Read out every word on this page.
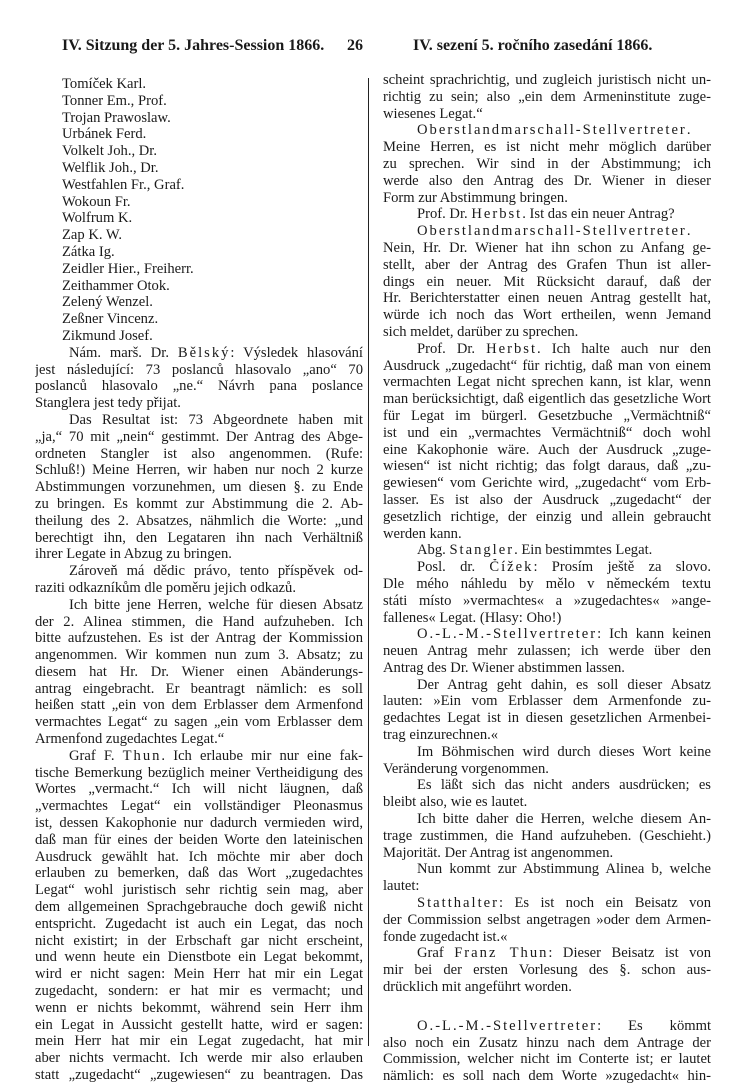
IV. Sitzung der 5. Jahres-Session 1866. 26	IV. sezení 5. ročního zasedání 1866.
Tomíček Karl.
Tonner Em., Prof.
Trojan Prawoslaw.
Urbánek Ferd.
Volkelt Joh., Dr.
Welflik Joh., Dr.
Westfahlen Fr., Graf.
Wokoun Fr.
Wolfrum K.
Zap K. W.
Zátka Ig.
Zeidler Hier., Freiherr.
Zeithammer Otok.
Zelený Wenzel.
Zeßner Vincenz.
Zikmund Josef.
Nám. marš. Dr. Bělský: Výsledek hlasování
jest následující: 73 poslanců hlasovalo „ano“ 70
poslanců hlasovalo „ne.“ Návrh pana poslance
Stanglera jest tedy přijat.
Das Resultat ist: 73 Abgeordnete haben mit
„ja,“ 70 mit „nein“ gestimmt. Der Antrag des Abge-
ordneten Stangler ist also angenommen. (Rufe:
Schluß!) Meine Herren, wir haben nur noch 2 kurze
Abstimmungen vorzunehmen, um diesen §. zu Ende
zu bringen. Es kommt zur Abstimmung die 2. Ab-
theilung des 2. Absatzes, nähmlich die Worte: „und
berechtigt ihn, den Legataren ihn nach Verhältniß
ihrer Legate in Abzug zu bringen.
Zároveň má dědic právo, tento příspěvek od-
raziti odkazníkům dle poměru jejich odkazů.
Ich bitte jene Herren, welche für diesen Absatz
der 2. Alinea stimmen, die Hand aufzuheben. Ich
bitte aufzustehen. Es ist der Antrag der Kommission
angenommen. Wir kommen nun zum 3. Absatz; zu
diesem hat Hr. Dr. Wiener einen Abänderungs-
antrag eingebracht. Er beantragt nämlich: es soll
heißen statt „ein von dem Erblasser dem Armenfond
vermachtes Legat“ zu sagen „ein vom Erblasser dem
Armenfond zugedachtes Legat.“
Graf F. Thun. Ich erlaube mir nur eine fak-
tische Bemerkung bezüglich meiner Vertheidigung des
Wortes „vermacht.“ Ich will nicht läugnen, daß
„vermachtes Legat“ ein vollständiger Pleonasmus
ist, dessen Kakophonie nur dadurch vermieden wird,
daß man für eines der beiden Worte den lateinischen
Ausdruck gewählt hat. Ich möchte mir aber doch
erlauben zu bemerken, daß das Wort „zugedachtes
Legat“ wohl juristisch sehr richtig sein mag, aber
dem allgemeinen Sprachgebrauche doch gewiß nicht
entspricht. Zugedacht ist auch ein Legat, das noch
nicht existirt; in der Erbschaft gar nicht erscheint,
und wenn heute ein Dienstbote ein Legat bekommt,
wird er nicht sagen: Mein Herr hat mir ein Legat
zugedacht, sondern: er hat mir es vermacht; und
wenn er nichts bekommt, während sein Herr ihm
ein Legat in Aussicht gestellt hatte, wird er sagen:
mein Herr hat mir ein Legat zugedacht, hat mir
aber nichts vermacht. Ich werde mir also erlauben
statt „zugedacht“ „zugewiesen“ zu beantragen. Das
scheint sprachrichtig, und zugleich juristisch nicht un-
richtig zu sein; also „ein dem Armeninstitute zuge-
wiesenes Legat.“
Oberstlandmarschall-Stellvertreter.
Meine Herren, es ist nicht mehr möglich darüber
zu sprechen. Wir sind in der Abstimmung; ich
werde also den Antrag des Dr. Wiener in dieser
Form zur Abstimmung bringen.
Prof. Dr. Herbst. Ist das ein neuer Antrag?
Oberstlandmarschall-Stellvertreter.
Nein, Hr. Dr. Wiener hat ihn schon zu Anfang ge-
stellt, aber der Antrag des Grafen Thun ist aller-
dings ein neuer. Mit Rücksicht darauf, daß der
Hr. Berichterstatter einen neuen Antrag gestellt hat,
würde ich noch das Wort ertheilen, wenn Jemand
sich meldet, darüber zu sprechen.
Prof. Dr. Herbst. Ich halte auch nur den
Ausdruck „zugedacht“ für richtig, daß man von einem
vermachten Legat nicht sprechen kann, ist klar, wenn
man berücksichtigt, daß eigentlich das gesetzliche Wort
für Legat im bürgerl. Gesetzbuche „Vermächtniß“
ist und ein „vermachtes Vermächtniß“ doch wohl
eine Kakophonie wäre. Auch der Ausdruck „zuge-
wiesen“ ist nicht richtig; das folgt daraus, daß „zu-
gewiesen“ vom Gerichte wird, „zugedacht“ vom Erb-
lasser. Es ist also der Ausdruck „zugedacht“ der
gesetzlich richtige, der einzig und allein gebraucht
werden kann.
Abg. Stangler. Ein bestimmtes Legat.
Posl. dr. Čížek: Prosím ještě za slovo.
Dle mého náhledu by mělo v německém textu
státi místo »vermachtes« a »zugedachtes« »ange-
fallenes« Legat. (Hlasy: Oho!)
O.-L.-M.-Stellvertreter: Ich kann keinen
neuen Antrag mehr zulassen; ich werde über den
Antrag des Dr. Wiener abstimmen lassen.
Der Antrag geht dahin, es soll dieser Absatz
lauten: »Ein vom Erblasser dem Armenfonde zu-
gedachtes Legat ist in diesen gesetzlichen Armenbei-
trag einzurechnen.«
Im Böhmischen wird durch dieses Wort keine
Veränderung vorgenommen.
Es läßt sich das nicht anders ausdrücken; es
bleibt also, wie es lautet.
Ich bitte daher die Herren, welche diesem An-
trage zustimmen, die Hand aufzuheben. (Geschieht.)
Majorität. Der Antrag ist angenommen.
Nun kommt zur Abstimmung Alinea b, welche
lautet:
Statthalter: Es ist noch ein Beisatz von
der Commission selbst angetragen »oder dem Armen-
fonde zugedacht ist.«
Graf Franz Thun: Dieser Beisatz ist von
mir bei der ersten Vorlesung des §. schon aus-
drücklich mit angeführt worden.
O.-L.-M.-Stellvertreter: Es kömmt
also noch ein Zusatz hinzu nach dem Antrage der
Commission, welcher nicht im Conterte ist; er lautet
nämlich: es soll nach dem Worte »zugedacht« hin-
